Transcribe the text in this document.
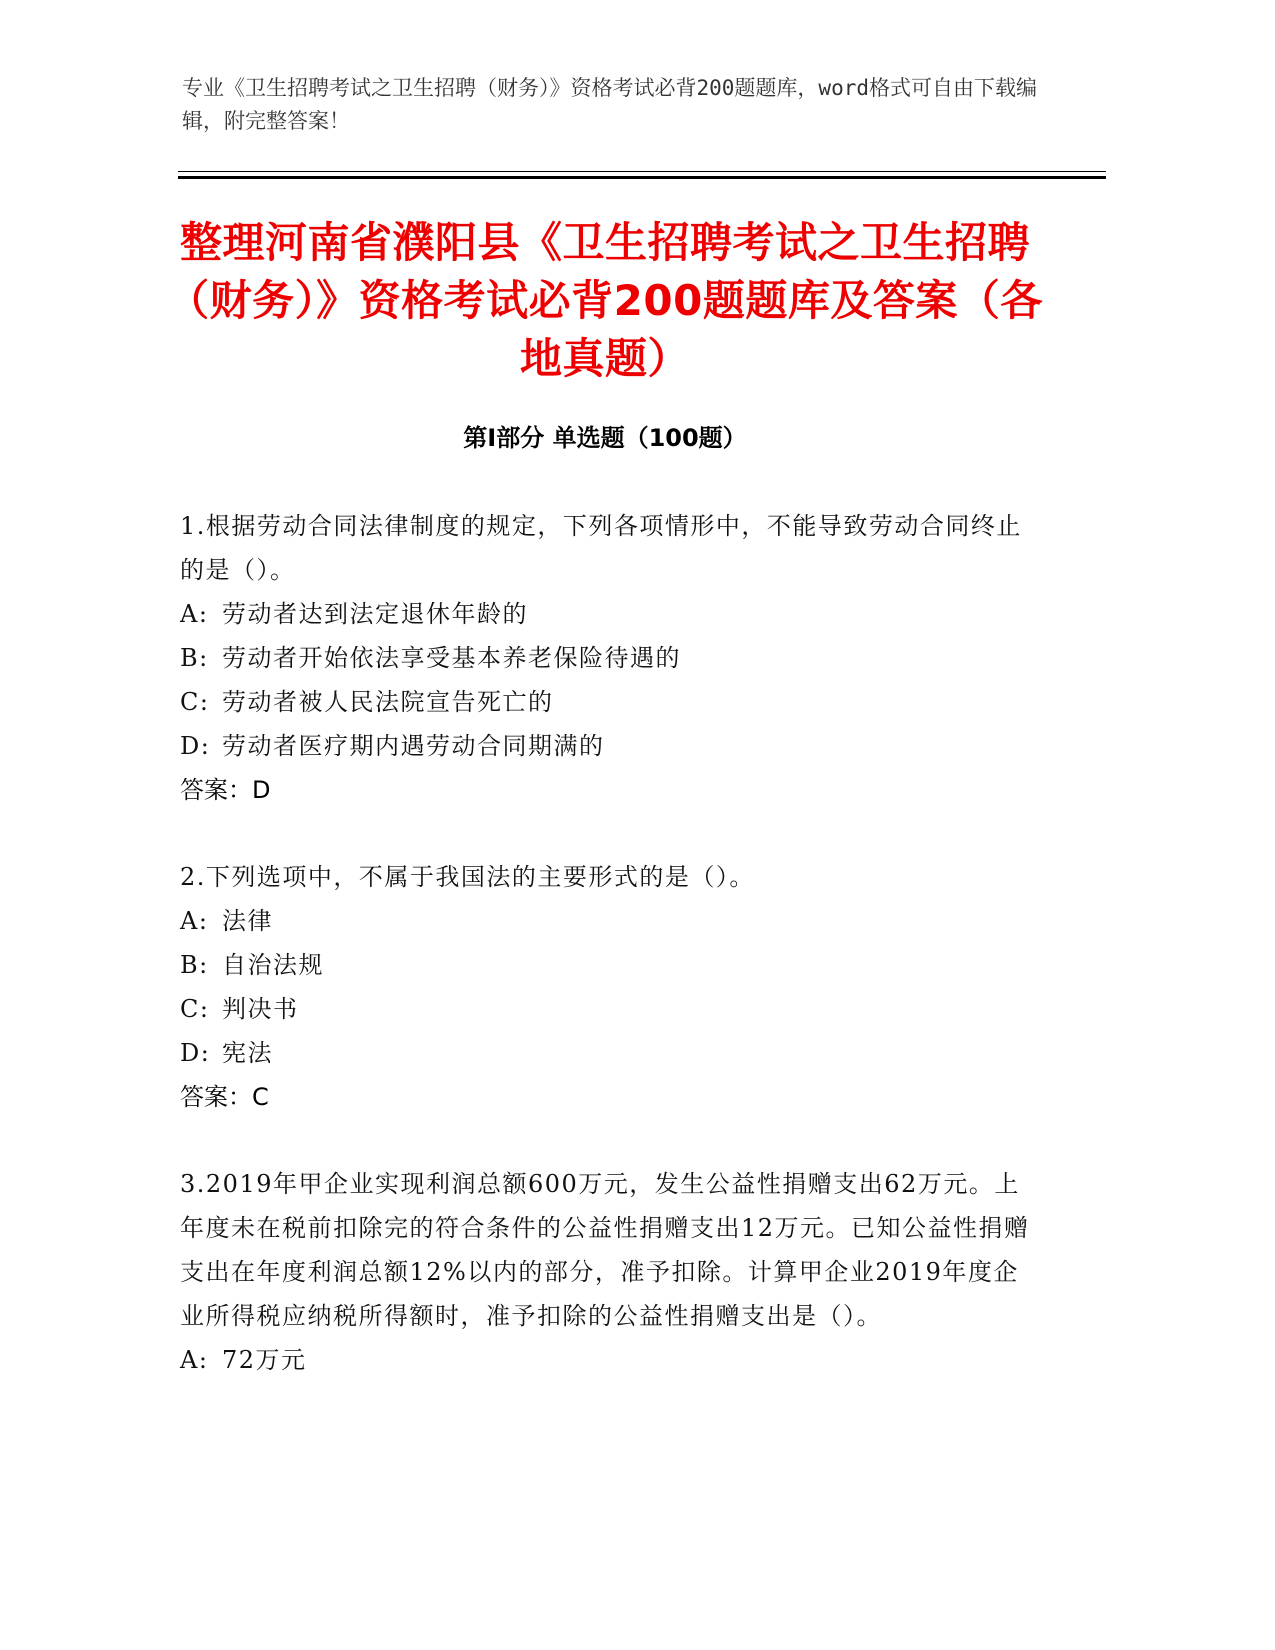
专业《卫生招聘考试之卫生招聘（财务）》资格考试必背200题题库，word格式可自由下载编辑，附完整答案！
整理河南省濮阳县《卫生招聘考试之卫生招聘（财务）》资格考试必背200题题库及答案（各地真题）
第Ⅰ部分 单选题（100题）

1.根据劳动合同法律制度的规定，下列各项情形中，不能导致劳动合同终止的是（）。

A: 劳动者达到法定退休年龄的

B: 劳动者开始依法享受基本养老保险待遇的

C: 劳动者被人民法院宣告死亡的

D: 劳动者医疗期内遇劳动合同期满的

答案：D

2.下列选项中，不属于我国法的主要形式的是（）。

A: 法律

B: 自治法规

C: 判决书

D: 宪法

答案：C

3.2019年甲企业实现利润总额600万元，发生公益性捐赠支出62万元。上年度未在税前扣除完的符合条件的公益性捐赠支出12万元。已知公益性捐赠支出在年度利润总额12%以内的部分，准予扣除。计算甲企业2019年度企业所得税应纳税所得额时，准予扣除的公益性捐赠支出是（）。

A: 72万元
